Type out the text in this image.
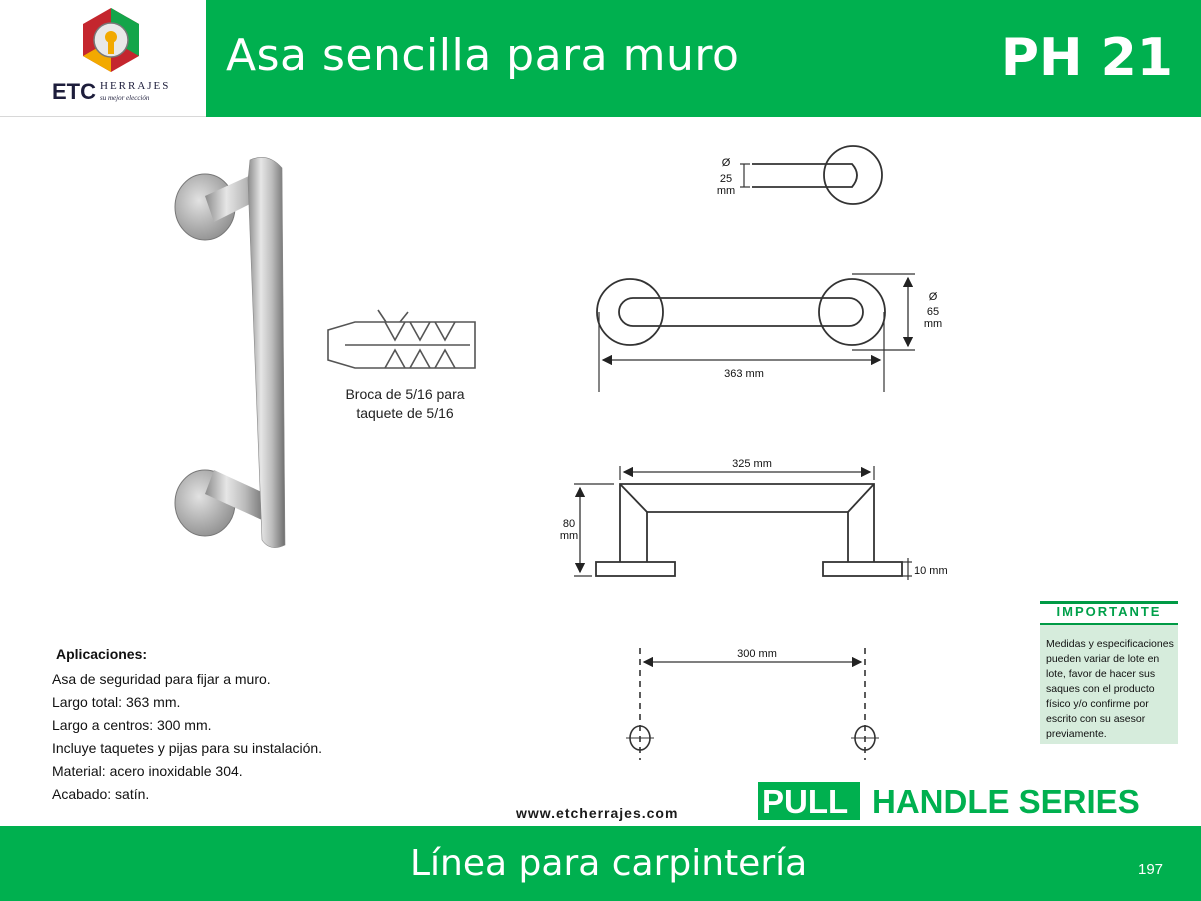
ETC HERRAJES
su mejor elección
Asa sencilla para muro	PH 21
Ø
25
mm
363 mm
Ø
65
mm
325 mm
80
mm
10 mm
300 mm
Broca de 5/16 para
taquete de 5/16
Aplicaciones:
Asa de seguridad para fijar a muro.
Largo total: 363 mm.
Largo a centros: 300 mm.
Incluye taquetes y pijas para su instalación.
Material: acero inoxidable 304.
Acabado: satín.
IMPORTANTE
Medidas y especificaciones pueden variar de lote en lote, favor de hacer sus saques con el producto físico y/o confirme por escrito con su asesor previamente.
www.etcherrajes.com	PULL HANDLE SERIES
Línea para carpintería	197
